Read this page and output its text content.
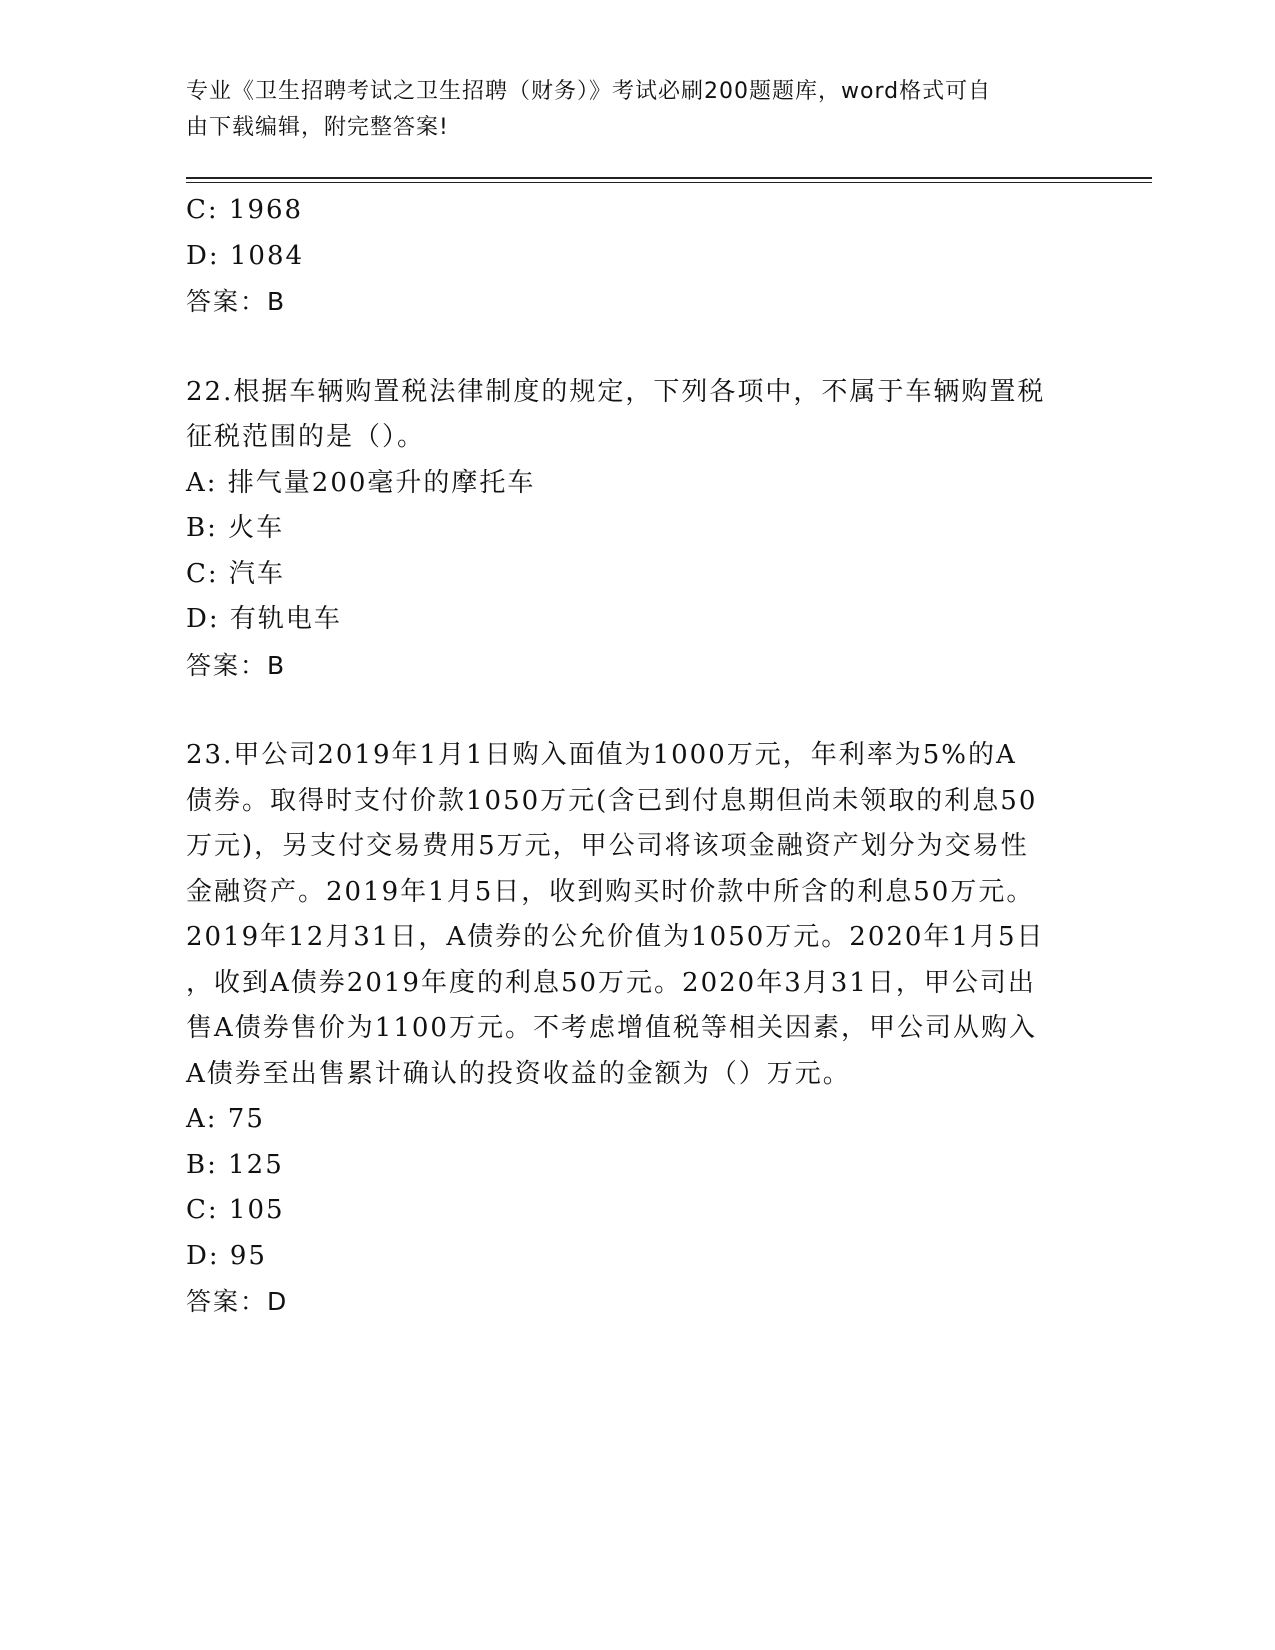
专业《卫生招聘考试之卫生招聘（财务）》考试必刷200题题库，word格式可自
由下载编辑，附完整答案!
C: 1968
D: 1084
答案：B
22.根据车辆购置税法律制度的规定，下列各项中，不属于车辆购置税
征税范围的是（）。
A: 排气量200毫升的摩托车
B: 火车
C: 汽车
D: 有轨电车
答案：B
23.甲公司2019年1月1日购入面值为1000万元，年利率为5%的A
债券。取得时支付价款1050万元(含已到付息期但尚未领取的利息50
万元)，另支付交易费用5万元，甲公司将该项金融资产划分为交易性
金融资产。2019年1月5日，收到购买时价款中所含的利息50万元。
2019年12月31日，A债券的公允价值为1050万元。2020年1月5日
，收到A债券2019年度的利息50万元。2020年3月31日，甲公司出
售A债券售价为1100万元。不考虑增值税等相关因素，甲公司从购入
A债券至出售累计确认的投资收益的金额为（）万元。
A: 75
B: 125
C: 105
D: 95
答案：D
